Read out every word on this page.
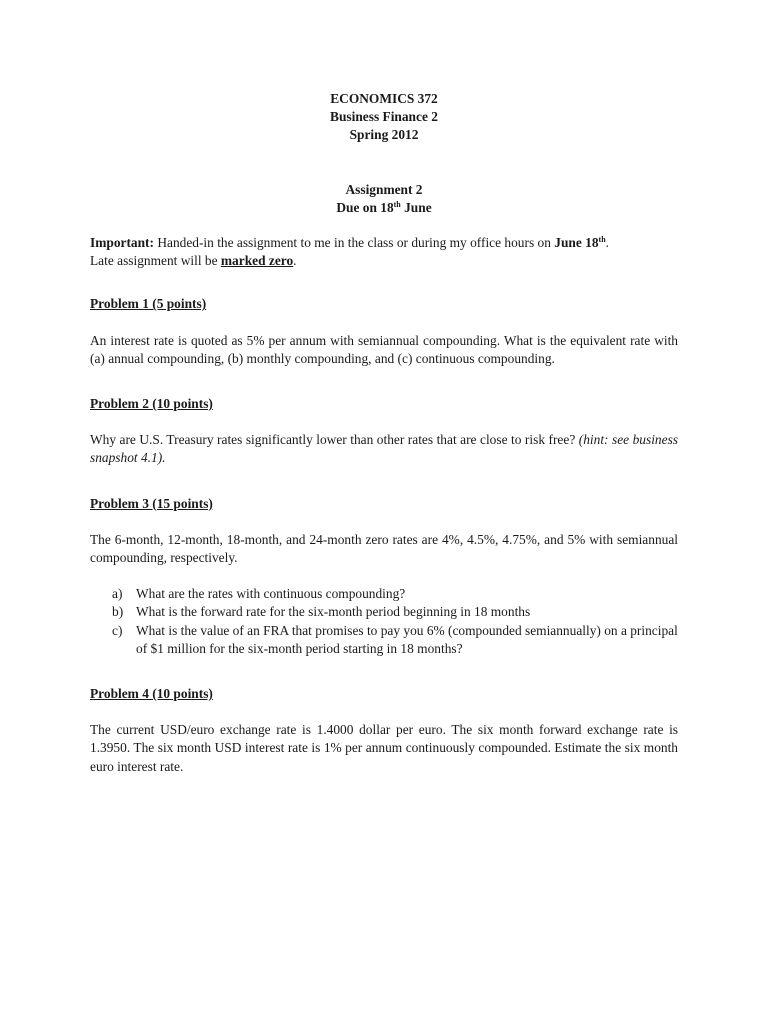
ECONOMICS 372
Business Finance 2
Spring 2012
Assignment 2
Due on 18th June
Important: Handed-in the assignment to me in the class or during my office hours on June 18th.
Late assignment will be marked zero.
Problem 1 (5 points)
An interest rate is quoted as 5% per annum with semiannual compounding. What is the equivalent rate with (a) annual compounding, (b) monthly compounding, and (c) continuous compounding.
Problem 2 (10 points)
Why are U.S. Treasury rates significantly lower than other rates that are close to risk free? (hint: see business snapshot 4.1).
Problem 3 (15 points)
The 6-month, 12-month, 18-month, and 24-month zero rates are 4%, 4.5%, 4.75%, and 5% with semiannual compounding, respectively.
a) What are the rates with continuous compounding?
b) What is the forward rate for the six-month period beginning in 18 months
c) What is the value of an FRA that promises to pay you 6% (compounded semiannually) on a principal of $1 million for the six-month period starting in 18 months?
Problem 4 (10 points)
The current USD/euro exchange rate is 1.4000 dollar per euro. The six month forward exchange rate is 1.3950. The six month USD interest rate is 1% per annum continuously compounded. Estimate the six month euro interest rate.
